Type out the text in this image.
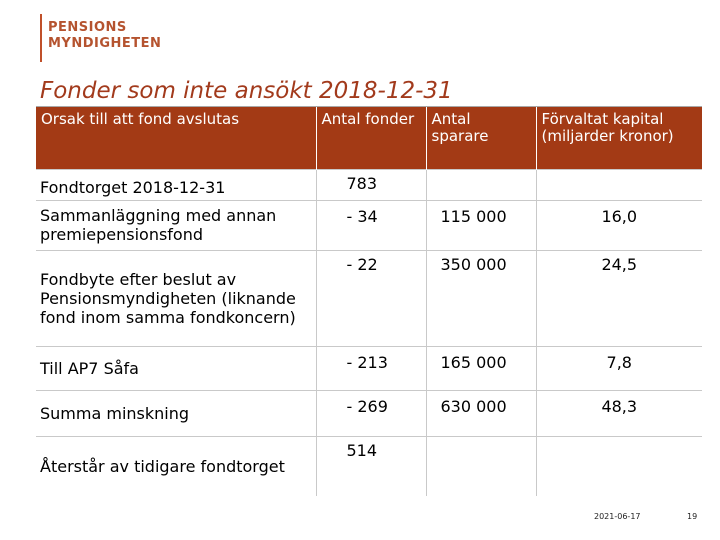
PENSIONS
MYNDIGHETEN
Fonder som inte ansökt 2018-12-31
Orsak till att fond avslutas	Antal fonder	Antal sparare	Förvaltat kapital (miljarder kronor)
Fondtorget 2018-12-31	783		
Sammanläggning med annan premiepensionsfond	- 34	115 000	16,0
Fondbyte efter beslut av Pensionsmyndigheten (liknande fond inom samma fondkoncern)	- 22	350 000	24,5
Till AP7 Såfa	- 213	165 000	7,8
Summa minskning	- 269	630 000	48,3
Återstår av tidigare fondtorget	514		
2021-06-17	19
